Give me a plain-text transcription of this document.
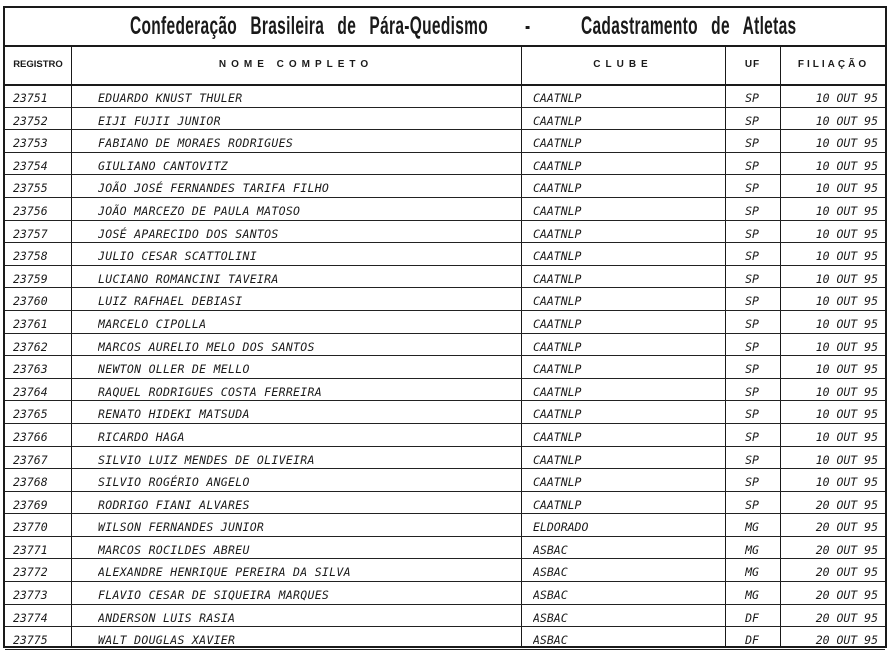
Confederação Brasileira de Pára-Quedismo - Cadastramento de Atletas
REGISTRO	NOME COMPLETO	CLUBE	UF	FILIAÇÃO
23751	EDUARDO KNUST THULER	CAATNLP	SP	10 OUT 95
23752	EIJI FUJII JUNIOR	CAATNLP	SP	10 OUT 95
23753	FABIANO DE MORAES RODRIGUES	CAATNLP	SP	10 OUT 95
23754	GIULIANO CANTOVITZ	CAATNLP	SP	10 OUT 95
23755	JOÃO JOSÉ FERNANDES TARIFA FILHO	CAATNLP	SP	10 OUT 95
23756	JOÃO MARCEZO DE PAULA MATOSO	CAATNLP	SP	10 OUT 95
23757	JOSÉ APARECIDO DOS SANTOS	CAATNLP	SP	10 OUT 95
23758	JULIO CESAR SCATTOLINI	CAATNLP	SP	10 OUT 95
23759	LUCIANO ROMANCINI TAVEIRA	CAATNLP	SP	10 OUT 95
23760	LUIZ RAFHAEL DEBIASI	CAATNLP	SP	10 OUT 95
23761	MARCELO CIPOLLA	CAATNLP	SP	10 OUT 95
23762	MARCOS AURELIO MELO DOS SANTOS	CAATNLP	SP	10 OUT 95
23763	NEWTON OLLER DE MELLO	CAATNLP	SP	10 OUT 95
23764	RAQUEL RODRIGUES COSTA FERREIRA	CAATNLP	SP	10 OUT 95
23765	RENATO HIDEKI MATSUDA	CAATNLP	SP	10 OUT 95
23766	RICARDO HAGA	CAATNLP	SP	10 OUT 95
23767	SILVIO LUIZ MENDES DE OLIVEIRA	CAATNLP	SP	10 OUT 95
23768	SILVIO ROGÉRIO ANGELO	CAATNLP	SP	10 OUT 95
23769	RODRIGO FIANI ALVARES	CAATNLP	SP	20 OUT 95
23770	WILSON FERNANDES JUNIOR	ELDORADO	MG	20 OUT 95
23771	MARCOS ROCILDES ABREU	ASBAC	MG	20 OUT 95
23772	ALEXANDRE HENRIQUE PEREIRA DA SILVA	ASBAC	MG	20 OUT 95
23773	FLAVIO CESAR DE SIQUEIRA MARQUES	ASBAC	MG	20 OUT 95
23774	ANDERSON LUIS RASIA	ASBAC	DF	20 OUT 95
23775	WALT DOUGLAS XAVIER	ASBAC	DF	20 OUT 95
